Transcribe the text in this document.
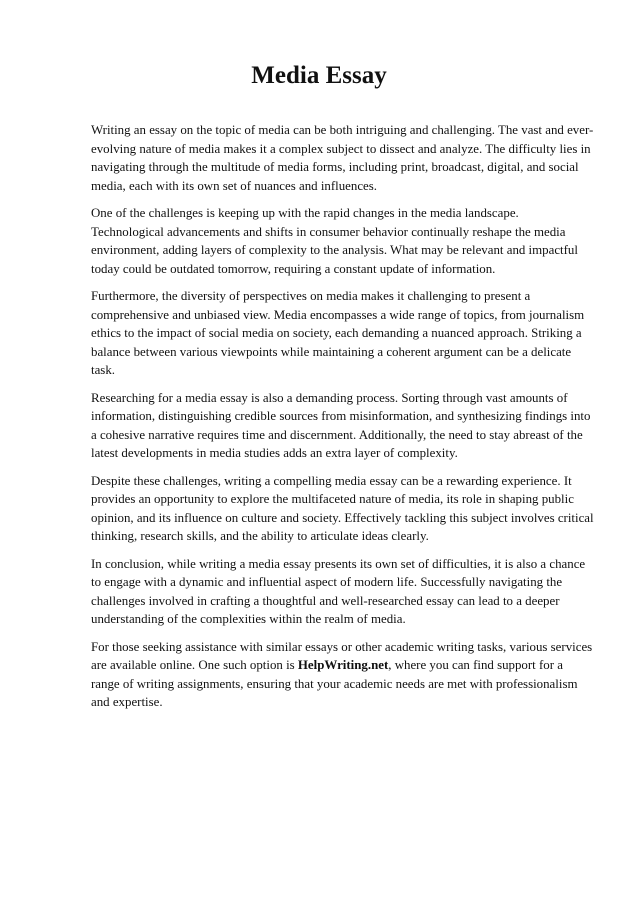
Media Essay

Writing an essay on the topic of media can be both intriguing and challenging. The vast and ever-evolving nature of media makes it a complex subject to dissect and analyze. The difficulty lies in navigating through the multitude of media forms, including print, broadcast, digital, and social media, each with its own set of nuances and influences.

One of the challenges is keeping up with the rapid changes in the media landscape. Technological advancements and shifts in consumer behavior continually reshape the media environment, adding layers of complexity to the analysis. What may be relevant and impactful today could be outdated tomorrow, requiring a constant update of information.

Furthermore, the diversity of perspectives on media makes it challenging to present a comprehensive and unbiased view. Media encompasses a wide range of topics, from journalism ethics to the impact of social media on society, each demanding a nuanced approach. Striking a balance between various viewpoints while maintaining a coherent argument can be a delicate task.

Researching for a media essay is also a demanding process. Sorting through vast amounts of information, distinguishing credible sources from misinformation, and synthesizing findings into a cohesive narrative requires time and discernment. Additionally, the need to stay abreast of the latest developments in media studies adds an extra layer of complexity.

Despite these challenges, writing a compelling media essay can be a rewarding experience. It provides an opportunity to explore the multifaceted nature of media, its role in shaping public opinion, and its influence on culture and society. Effectively tackling this subject involves critical thinking, research skills, and the ability to articulate ideas clearly.

In conclusion, while writing a media essay presents its own set of difficulties, it is also a chance to engage with a dynamic and influential aspect of modern life. Successfully navigating the challenges involved in crafting a thoughtful and well-researched essay can lead to a deeper understanding of the complexities within the realm of media.

For those seeking assistance with similar essays or other academic writing tasks, various services are available online. One such option is HelpWriting.net, where you can find support for a range of writing assignments, ensuring that your academic needs are met with professionalism and expertise.
